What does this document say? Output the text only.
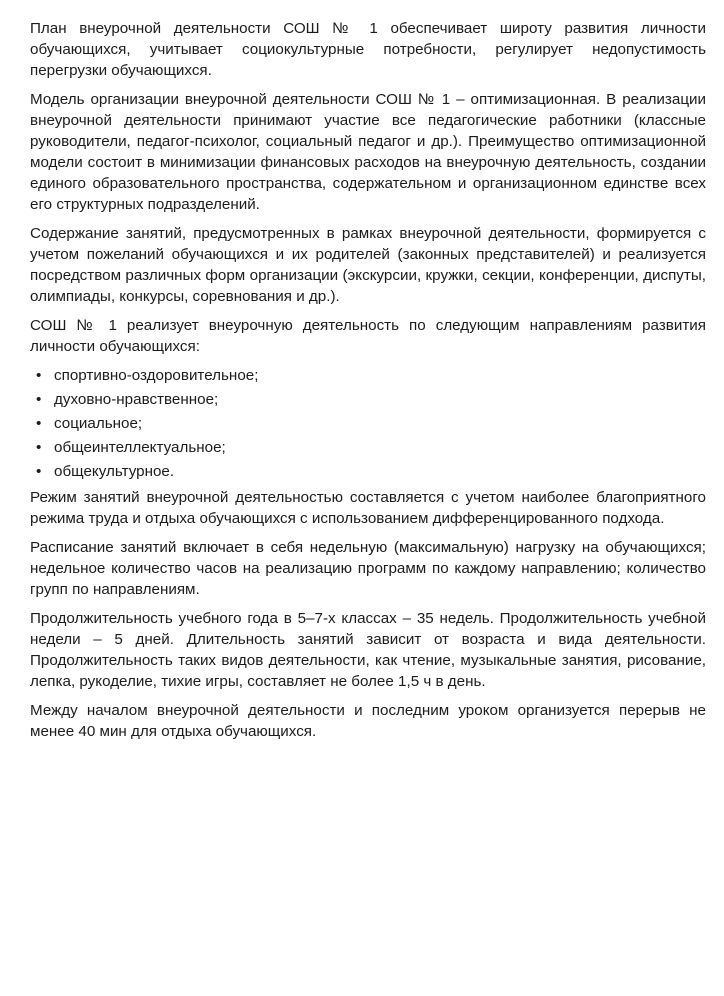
План внеурочной деятельности СОШ № 1 обеспечивает широту развития личности обучающихся, учитывает социокультурные потребности, регулирует недопустимость перегрузки обучающихся.

Модель организации внеурочной деятельности СОШ № 1 – оптимизационная. В реализации внеурочной деятельности принимают участие все педагогические работники (классные руководители, педагог-психолог, социальный педагог и др.). Преимущество оптимизационной модели состоит в минимизации финансовых расходов на внеурочную деятельность, создании единого образовательного пространства, содержательном и организационном единстве всех его структурных подразделений.

Содержание занятий, предусмотренных в рамках внеурочной деятельности, формируется с учетом пожеланий обучающихся и их родителей (законных представителей) и реализуется посредством различных форм организации (экскурсии, кружки, секции, конференции, диспуты, олимпиады, конкурсы, соревнования и др.).

СОШ № 1 реализует внеурочную деятельность по следующим направлениям развития личности обучающихся:

• спортивно-оздоровительное;
• духовно-нравственное;
• социальное;
• общеинтеллектуальное;
• общекультурное.

Режим занятий внеурочной деятельностью составляется с учетом наиболее благоприятного режима труда и отдыха обучающихся с использованием дифференцированного подхода.

Расписание занятий включает в себя недельную (максимальную) нагрузку на обучающихся; недельное количество часов на реализацию программ по каждому направлению; количество групп по направлениям.

Продолжительность учебного года в 5–7-х классах – 35 недель. Продолжительность учебной недели – 5 дней. Длительность занятий зависит от возраста и вида деятельности. Продолжительность таких видов деятельности, как чтение, музыкальные занятия, рисование, лепка, рукоделие, тихие игры, составляет не более 1,5 ч в день.

Между началом внеурочной деятельности и последним уроком организуется перерыв не менее 40 мин для отдыха обучающихся.
